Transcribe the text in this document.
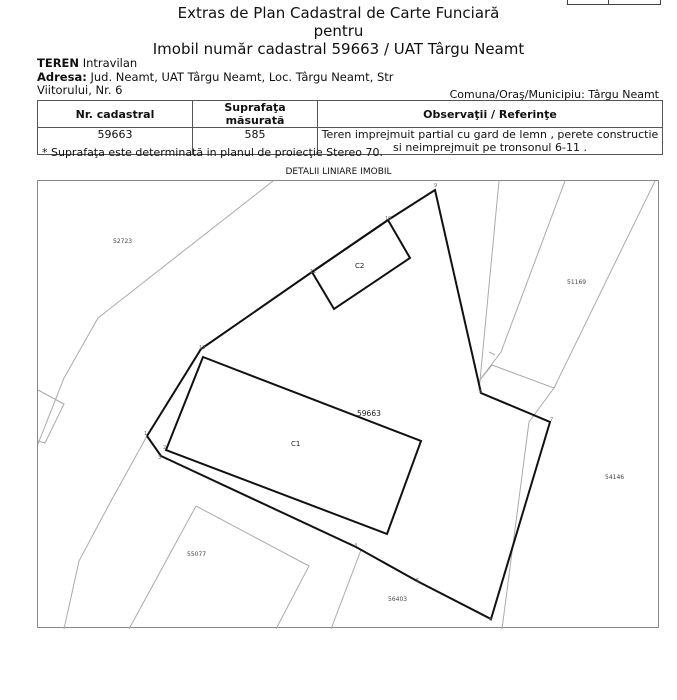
Extras de Plan Cadastral de Carte Funciară
pentru
Imobil număr cadastral 59663 / UAT Târgu Neamt
TEREN Intravilan
Adresa: Jud. Neamt, UAT Târgu Neamt, Loc. Târgu Neamt, Str
Viitorului, Nr. 6	Comuna/Oraş/Municipiu: Târgu Neamt
Nr. cadastral	Suprafaţa măsurată	Observaţii / Referinţe
59663	585	Teren imprejmuit partial cu gard de lemn , perete constructie
si neimprejmuit pe tronsonul 6-11 .
* Suprafaţa este determinată in planul de proiecţie Stereo 70.
DETALII LINIARE IMOBIL
52723
51169
54146
55077
56403
C2
C1
59663
1
2
3
4
5
6
7
8
9
10
11
12
